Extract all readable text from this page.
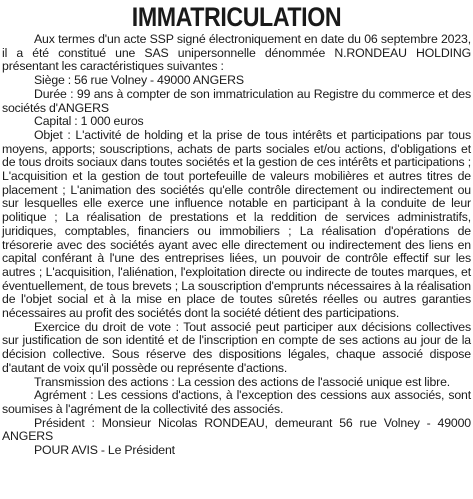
IMMATRICULATION

Aux termes d'un acte SSP signé électroniquement en date du 06 septembre 2023, il a été constitué une SAS unipersonnelle dénommée N.RONDEAU HOLDING présentant les caractéristiques suivantes :

Siège : 56 rue Volney - 49000 ANGERS

Durée : 99 ans à compter de son immatriculation au Registre du commerce et des sociétés d'ANGERS

Capital : 1 000 euros

Objet : L'activité de holding et la prise de tous intérêts et participations par tous moyens, apports; souscriptions, achats de parts sociales et/ou actions, d'obligations et de tous droits sociaux dans toutes sociétés et la gestion de ces intérêts et participations ; L'acquisition et la gestion de tout portefeuille de valeurs mobilières et autres titres de placement ; L'animation des sociétés qu'elle contrôle directement ou indirectement ou sur lesquelles elle exerce une influence notable en participant à la conduite de leur politique ; La réalisation de prestations et la reddition de services administratifs, juridiques, comptables, financiers ou immobiliers ; La réalisation d'opérations de trésorerie avec des sociétés ayant avec elle directement ou indirectement des liens en capital conférant à l'une des entreprises liées, un pouvoir de contrôle effectif sur les autres ; L'acquisition, l'aliénation, l'exploitation directe ou indirecte de toutes marques, et éventuellement, de tous brevets ; La souscription d'emprunts nécessaires à la réalisation de l'objet social et à la mise en place de toutes sûretés réelles ou autres garanties nécessaires au profit des sociétés dont la société détient des participations.

Exercice du droit de vote : Tout associé peut participer aux décisions collectives sur justification de son identité et de l'inscription en compte de ses actions au jour de la décision collective. Sous réserve des dispositions légales, chaque associé dispose d'autant de voix qu'il possède ou représente d'actions.

Transmission des actions : La cession des actions de l'associé unique est libre.

Agrément : Les cessions d'actions, à l'exception des cessions aux associés, sont soumises à l'agrément de la collectivité des associés.

Président : Monsieur Nicolas RONDEAU, demeurant 56 rue Volney - 49000 ANGERS

POUR AVIS - Le Président
